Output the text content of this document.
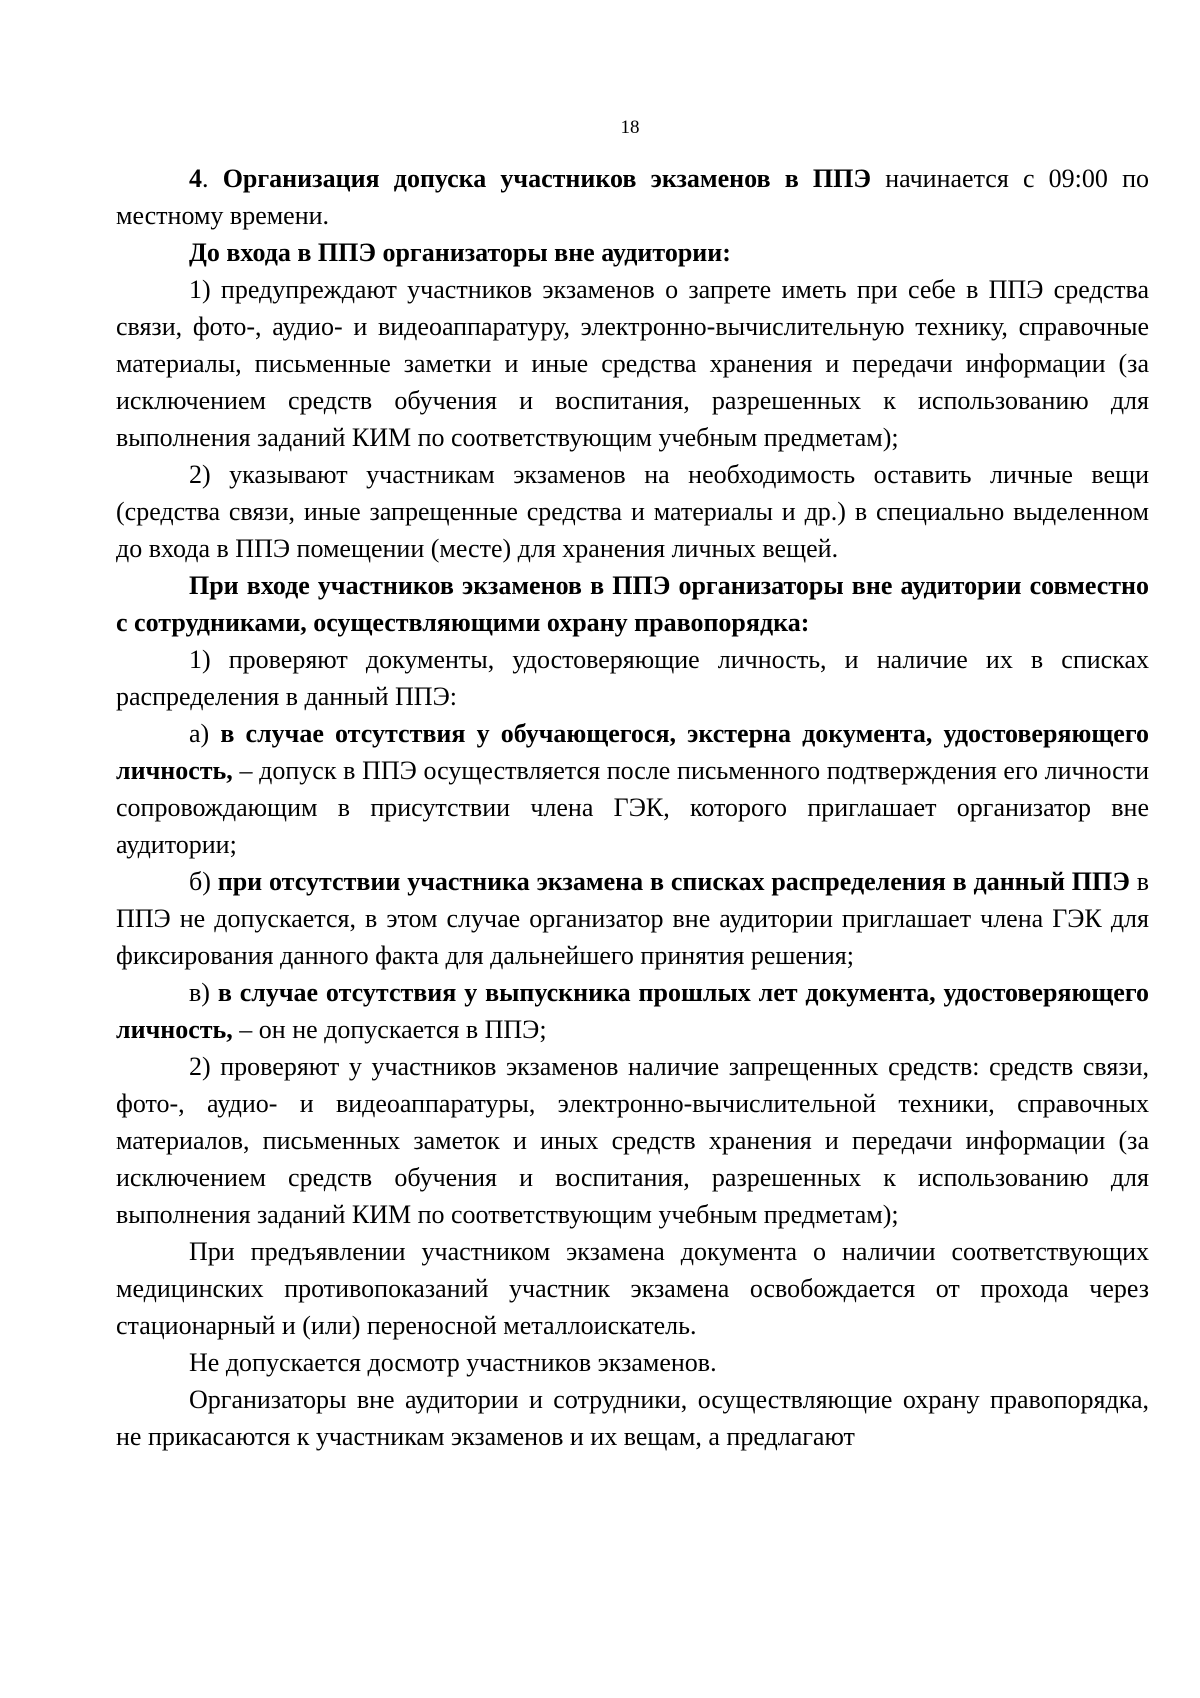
18

4. Организация допуска участников экзаменов в ППЭ начинается с 09:00 по местному времени.

До входа в ППЭ организаторы вне аудитории:

1) предупреждают участников экзаменов о запрете иметь при себе в ППЭ средства связи, фото-, аудио- и видеоаппаратуру, электронно-вычислительную технику, справочные материалы, письменные заметки и иные средства хранения и передачи информации (за исключением средств обучения и воспитания, разрешенных к использованию для выполнения заданий КИМ по соответствующим учебным предметам);

2) указывают участникам экзаменов на необходимость оставить личные вещи (средства связи, иные запрещенные средства и материалы и др.) в специально выделенном до входа в ППЭ помещении (месте) для хранения личных вещей.

При входе участников экзаменов в ППЭ организаторы вне аудитории совместно с сотрудниками, осуществляющими охрану правопорядка:

1) проверяют документы, удостоверяющие личность, и наличие их в списках распределения в данный ППЭ:

а) в случае отсутствия у обучающегося, экстерна документа, удостоверяющего личность, – допуск в ППЭ осуществляется после письменного подтверждения его личности сопровождающим в присутствии члена ГЭК, которого приглашает организатор вне аудитории;

б) при отсутствии участника экзамена в списках распределения в данный ППЭ в ППЭ не допускается, в этом случае организатор вне аудитории приглашает члена ГЭК для фиксирования данного факта для дальнейшего принятия решения;

в) в случае отсутствия у выпускника прошлых лет документа, удостоверяющего личность, – он не допускается в ППЭ;

2) проверяют у участников экзаменов наличие запрещенных средств: средств связи, фото-, аудио- и видеоаппаратуры, электронно-вычислительной техники, справочных материалов, письменных заметок и иных средств хранения и передачи информации (за исключением средств обучения и воспитания, разрешенных к использованию для выполнения заданий КИМ по соответствующим учебным предметам);

При предъявлении участником экзамена документа о наличии соответствующих медицинских противопоказаний участник экзамена освобождается от прохода через стационарный и (или) переносной металлоискатель.

Не допускается досмотр участников экзаменов.

Организаторы вне аудитории и сотрудники, осуществляющие охрану правопорядка, не прикасаются к участникам экзаменов и их вещам, а предлагают
